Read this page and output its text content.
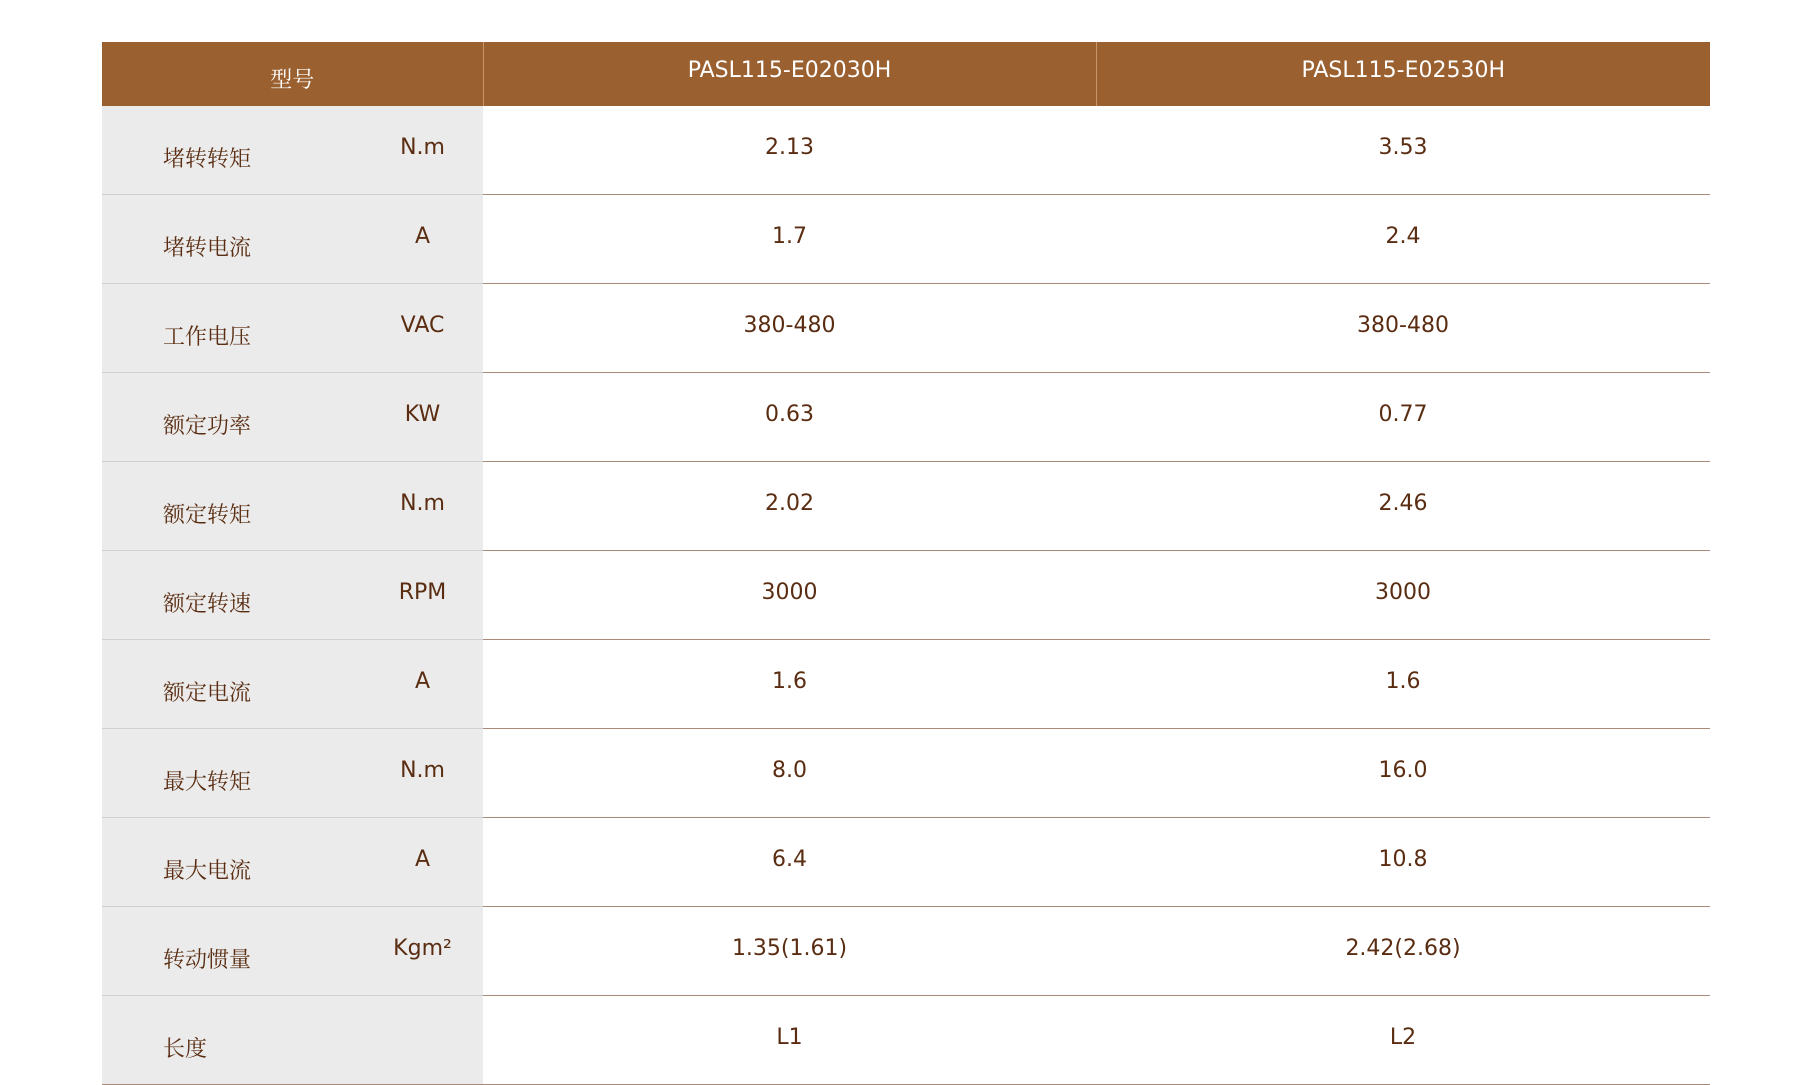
型号		PASL115-E02030H	PASL115-E02530H
堵转转矩	N.m	2.13	3.53
堵转电流	A	1.7	2.4
工作电压	VAC	380-480	380-480
额定功率	KW	0.63	0.77
额定转矩	N.m	2.02	2.46
额定转速	RPM	3000	3000
额定电流	A	1.6	1.6
最大转矩	N.m	8.0	16.0
最大电流	A	6.4	10.8
转动惯量	Kgm²	1.35(1.61)	2.42(2.68)
长度		L1	L2
